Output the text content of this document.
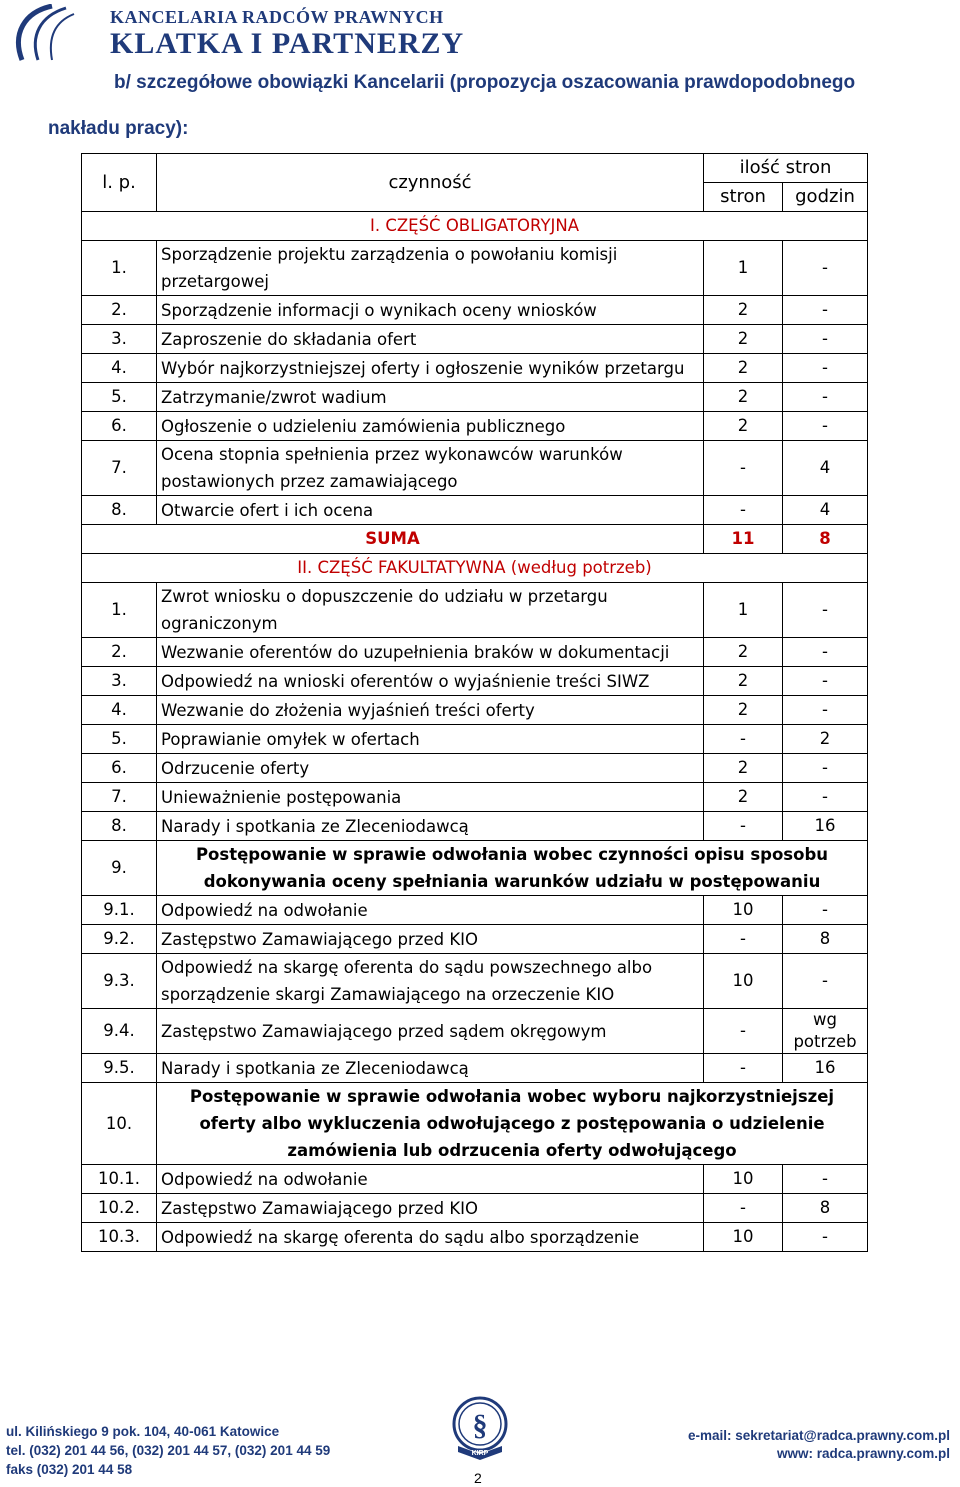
KANCELARIA RADCÓW PRAWNYCH
KLATKA I PARTNERZY
b/ szczegółowe obowiązki Kancelarii (propozycja oszacowania prawdopodobnego
nakładu pracy):
l. p.	czynność	ilość stron	
		stron	godzin
I. CZĘŚĆ OBLIGATORYJNA			
1.	Sporządzenie projektu zarządzenia o powołaniu komisji przetargowej	1	-
2.	Sporządzenie informacji o wynikach oceny wniosków	2	-
3.	Zaproszenie do składania ofert	2	-
4.	Wybór najkorzystniejszej oferty i ogłoszenie wyników przetargu	2	-
5.	Zatrzymanie/zwrot wadium	2	-
6.	Ogłoszenie o udzieleniu zamówienia publicznego	2	-
7.	Ocena stopnia spełnienia przez wykonawców warunków postawionych przez zamawiającego	-	4
8.	Otwarcie ofert i ich ocena	-	4
SUMA		11	8
II. CZĘŚĆ FAKULTATYWNA (według potrzeb)			
1.	Zwrot wniosku o dopuszczenie do udziału w przetargu ograniczonym	1	-
2.	Wezwanie oferentów do uzupełnienia braków w dokumentacji	2	-
3.	Odpowiedź na wnioski oferentów o wyjaśnienie treści SIWZ	2	-
4.	Wezwanie do złożenia wyjaśnień treści oferty	2	-
5.	Poprawianie omyłek w ofertach	-	2
6.	Odrzucenie oferty	2	-
7.	Unieważnienie postępowania	2	-
8.	Narady i spotkania ze Zleceniodawcą	-	16
9.	Postępowanie w sprawie odwołania wobec czynności opisu sposobu dokonywania oceny spełniania warunków udziału w postępowaniu		
9.1.	Odpowiedź na odwołanie	10	-
9.2.	Zastępstwo Zamawiającego przed KIO	-	8
9.3.	Odpowiedź na skargę oferenta do sądu powszechnego albo sporządzenie skargi Zamawiającego na orzeczenie KIO	10	-
9.4.	Zastępstwo Zamawiającego przed sądem okręgowym	-	wg potrzeb
9.5.	Narady i spotkania ze Zleceniodawcą	-	16
10.	Postępowanie w sprawie odwołania wobec wyboru najkorzystniejszej oferty albo wykluczenia odwołującego z postępowania o udzielenie zamówienia lub odrzucenia oferty odwołującego		
10.1.	Odpowiedź na odwołanie	10	-
10.2.	Zastępstwo Zamawiającego przed KIO	-	8
10.3.	Odpowiedź na skargę oferenta do sądu albo sporządzenie	10	-
ul. Kilińskiego 9 pok. 104, 40-061 Katowice
tel. (032) 201 44 56, (032) 201 44 57, (032) 201 44 59
faks (032) 201 44 58
e-mail: sekretariat@radca.prawny.com.pl
www: radca.prawny.com.pl
§
KIRP
2
